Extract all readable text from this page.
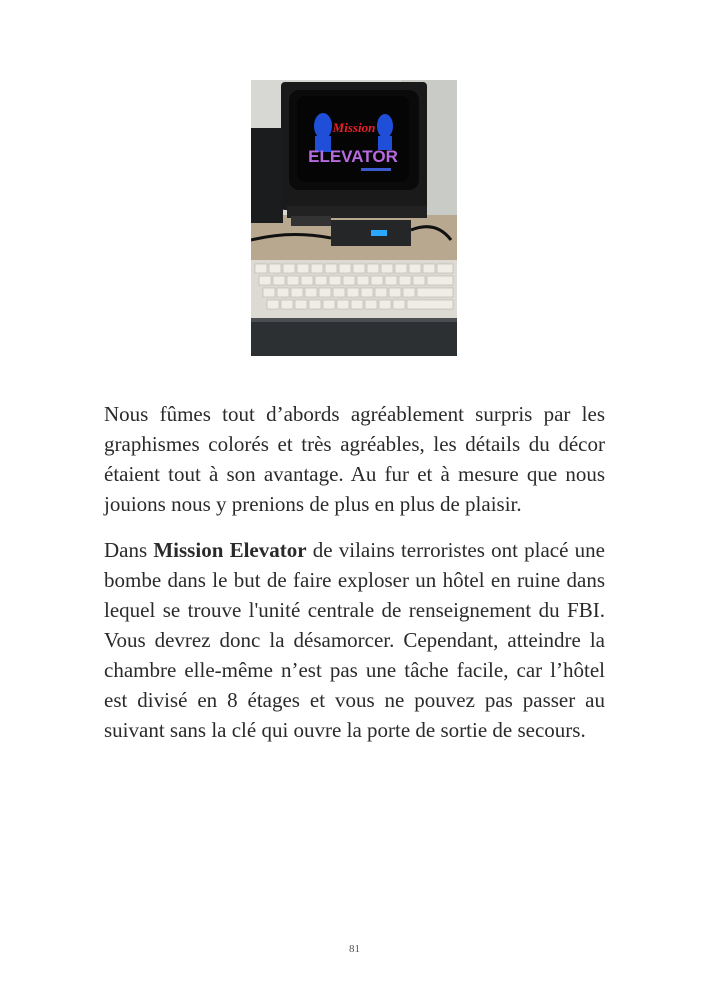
Mission
ELEVATOR

Nous fûmes tout d’abords agréablement surpris par les graphismes colorés et très agréables, les détails du décor étaient tout à son avantage. Au fur et à mesure que nous jouions nous y prenions de plus en plus de plaisir.

Dans Mission Elevator de vilains terroristes ont placé une bombe dans le but de faire exploser un hôtel en ruine dans lequel se trouve l'unité centrale de renseignement du FBI. Vous devrez donc la désamorcer. Cependant, atteindre la chambre elle-même n’est pas une tâche facile, car l’hôtel est divisé en 8 étages et vous ne pouvez pas passer au suivant sans la clé qui ouvre la porte de sortie de secours.

81
